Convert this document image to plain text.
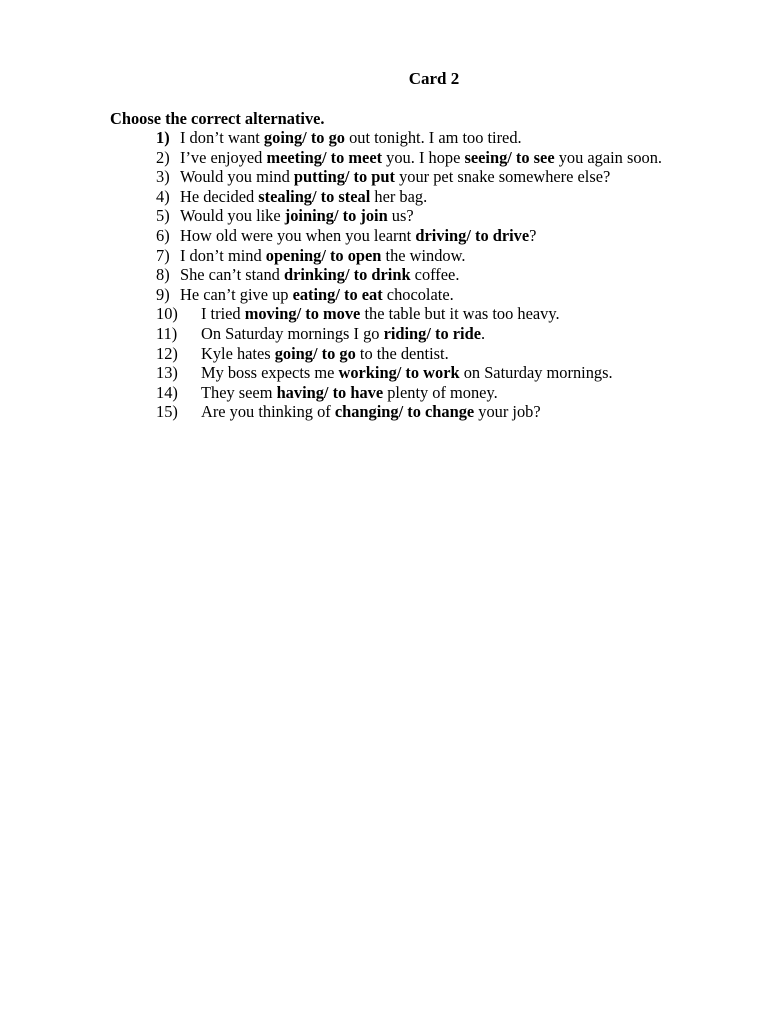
Card 2

Choose the correct alternative.

1) I don’t want going/ to go out tonight. I am too tired.
2) I’ve enjoyed meeting/ to meet you. I hope seeing/ to see you again soon.
3) Would you mind putting/ to put your pet snake somewhere else?
4) He decided stealing/ to steal her bag.
5) Would you like joining/ to join us?
6) How old were you when you learnt driving/ to drive?
7) I don’t mind opening/ to open the window.
8) She can’t stand drinking/ to drink coffee.
9) He can’t give up eating/ to eat chocolate.
10) I tried moving/ to move the table but it was too heavy.
11) On Saturday mornings I go riding/ to ride.
12) Kyle hates going/ to go to the dentist.
13) My boss expects me working/ to work on Saturday mornings.
14) They seem having/ to have plenty of money.
15) Are you thinking of changing/ to change your job?
